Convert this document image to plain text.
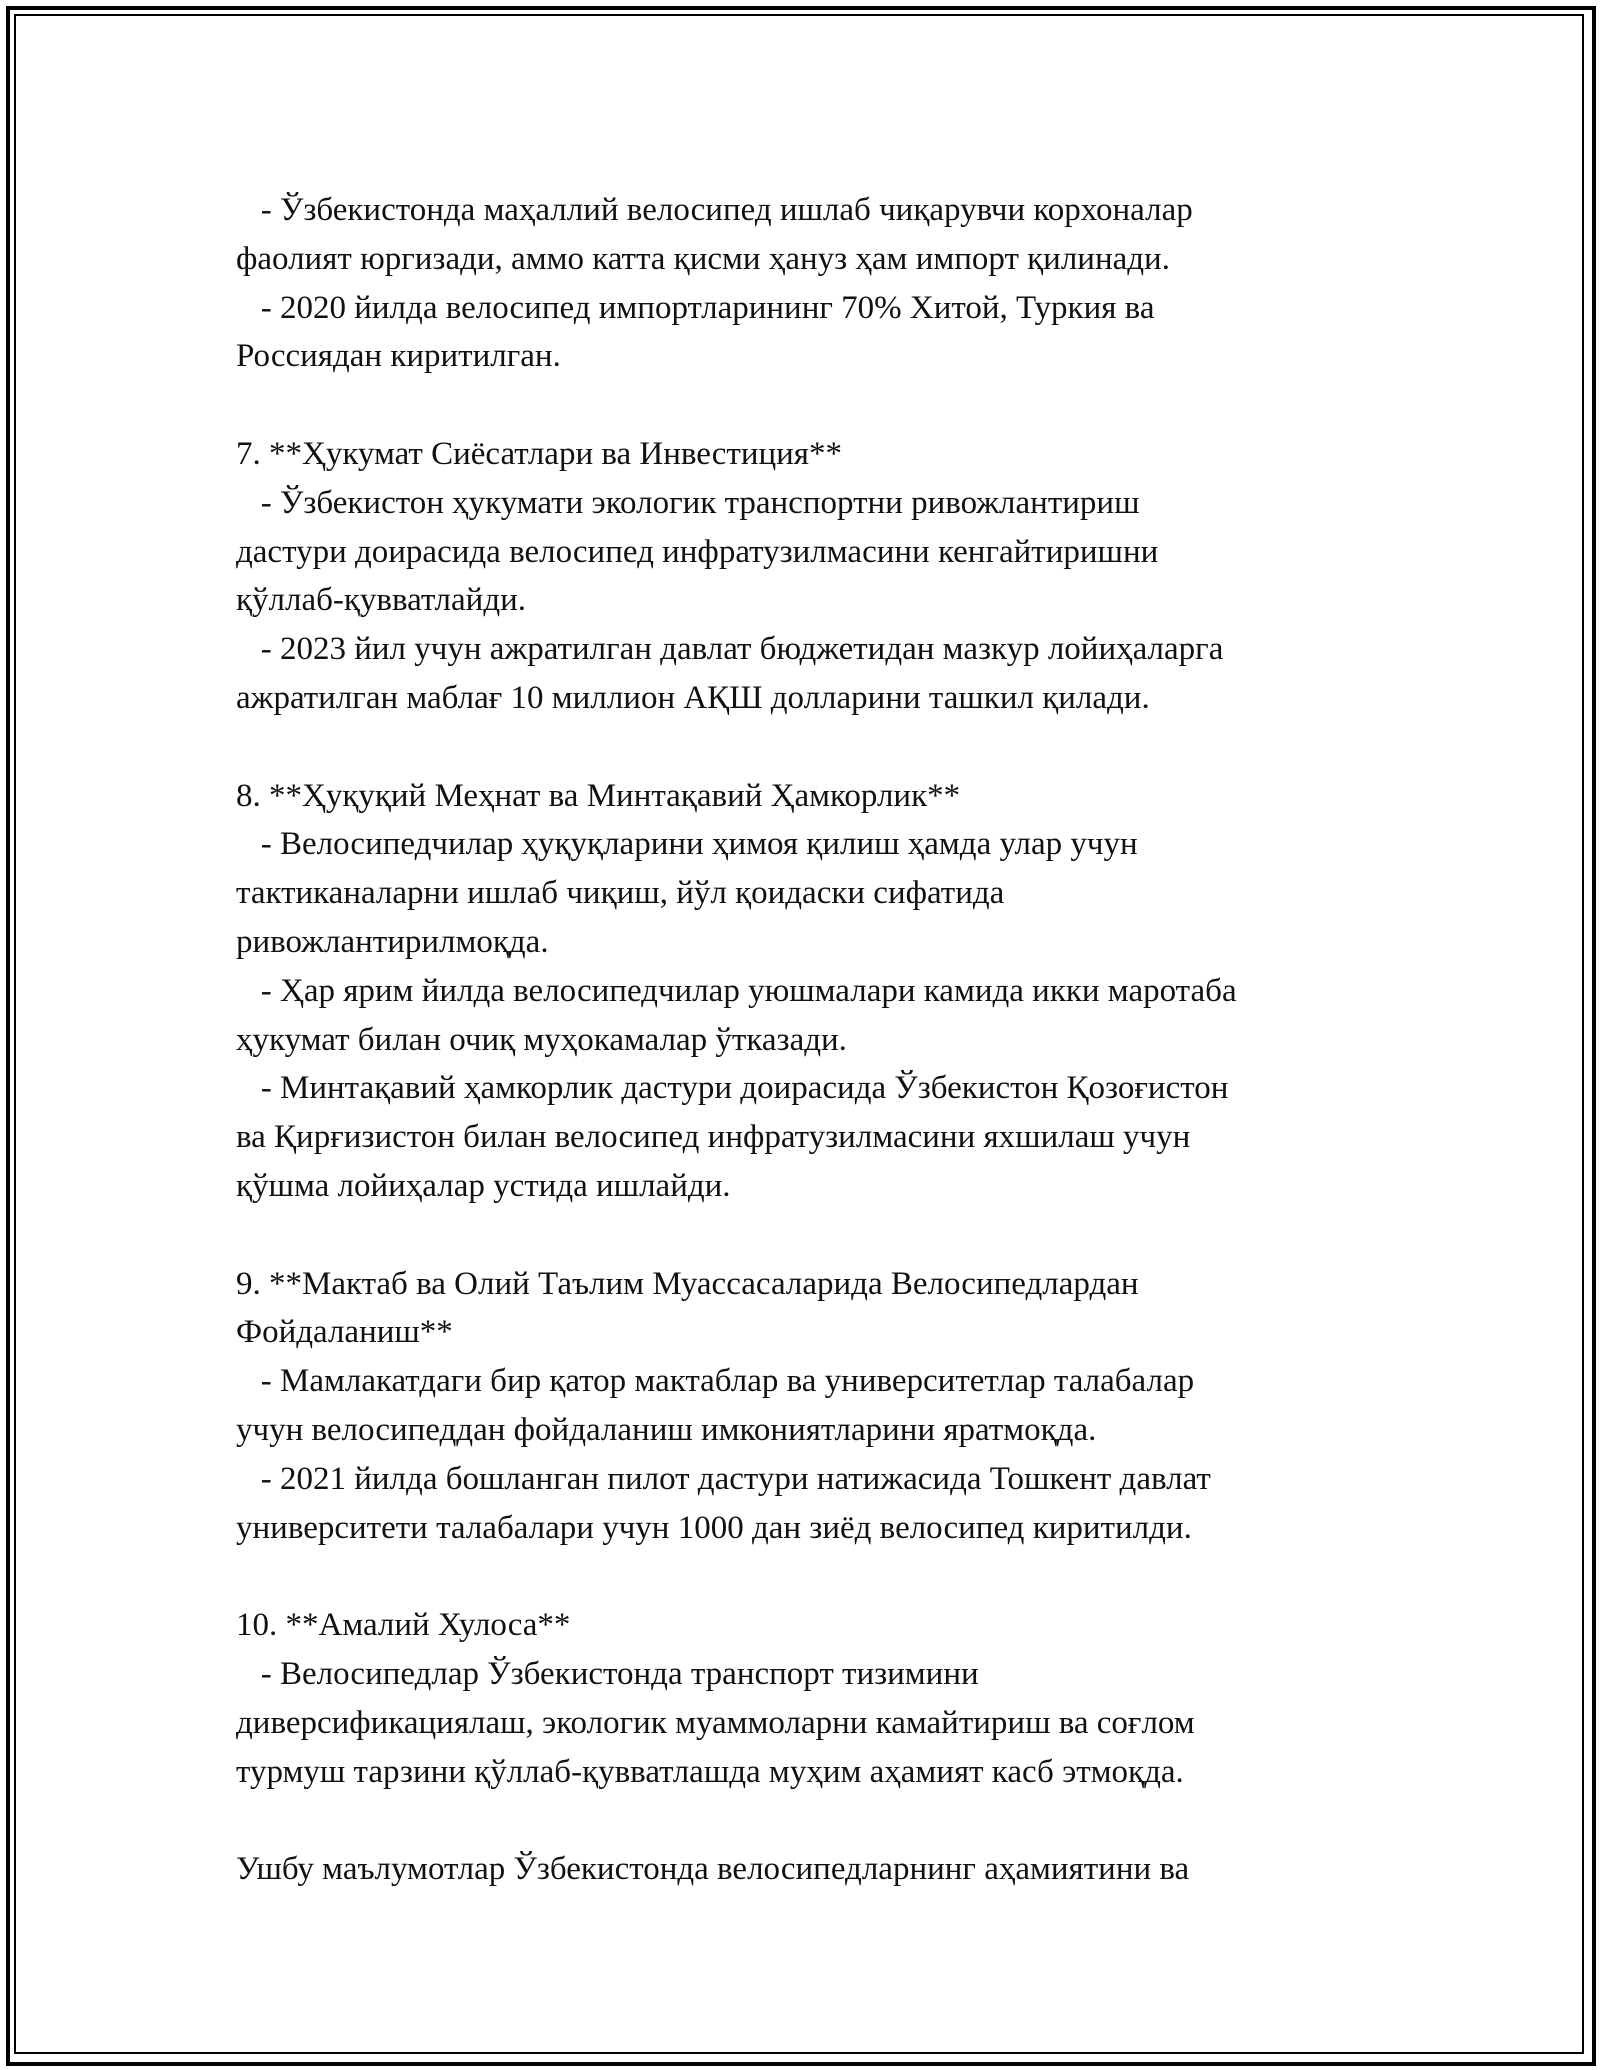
- Ўзбекистонда маҳаллий велосипед ишлаб чиқарувчи корхоналар
фаолият юргизади, аммо катта қисми ҳануз ҳам импорт қилинади.

- 2020 йилда велосипед импортларининг 70% Хитой, Туркия ва
Россиядан киритилган.

7. **Ҳукумат Сиёсатлари ва Инвестиция**

- Ўзбекистон ҳукумати экологик транспортни ривожлантириш
дастури доирасида велосипед инфратузилмасини кенгайтиришни
қўллаб-қувватлайди.

- 2023 йил учун ажратилган давлат бюджетидан мазкур лойиҳаларга
ажратилган маблағ 10 миллион АҚШ долларини ташкил қилади.

8. **Ҳуқуқий Меҳнат ва Минтақавий Ҳамкорлик**

- Велосипедчилар ҳуқуқларини ҳимоя қилиш ҳамда улар учун
тактиканаларни ишлаб чиқиш, йўл қоидаски сифатида
ривожлантирилмоқда.

- Ҳар ярим йилда велосипедчилар уюшмалари камида икки маротаба
ҳукумат билан очиқ муҳокамалар ўтказади.

- Минтақавий ҳамкорлик дастури доирасида Ўзбекистон Қозоғистон
ва Қирғизистон билан велосипед инфратузилмасини яхшилаш учун
қўшма лойиҳалар устида ишлайди.

9. **Мактаб ва Олий Таълим Муассасаларида Велосипедлардан
Фойдаланиш**

- Мамлакатдаги бир қатор мактаблар ва университетлар талабалар
учун велосипеддан фойдаланиш имкониятларини яратмоқда.

- 2021 йилда бошланган пилот дастури натижасида Тошкент давлат
университети талабалари учун 1000 дан зиёд велосипед киритилди.

10. **Амалий Хулоса**

- Велосипедлар Ўзбекистонда транспорт тизимини
диверсификациялаш, экологик муаммоларни камайтириш ва соғлом
турмуш тарзини қўллаб-қувватлашда муҳим аҳамият касб этмоқда.

Ушбу маълумотлар Ўзбекистонда велосипедларнинг аҳамиятини ва
